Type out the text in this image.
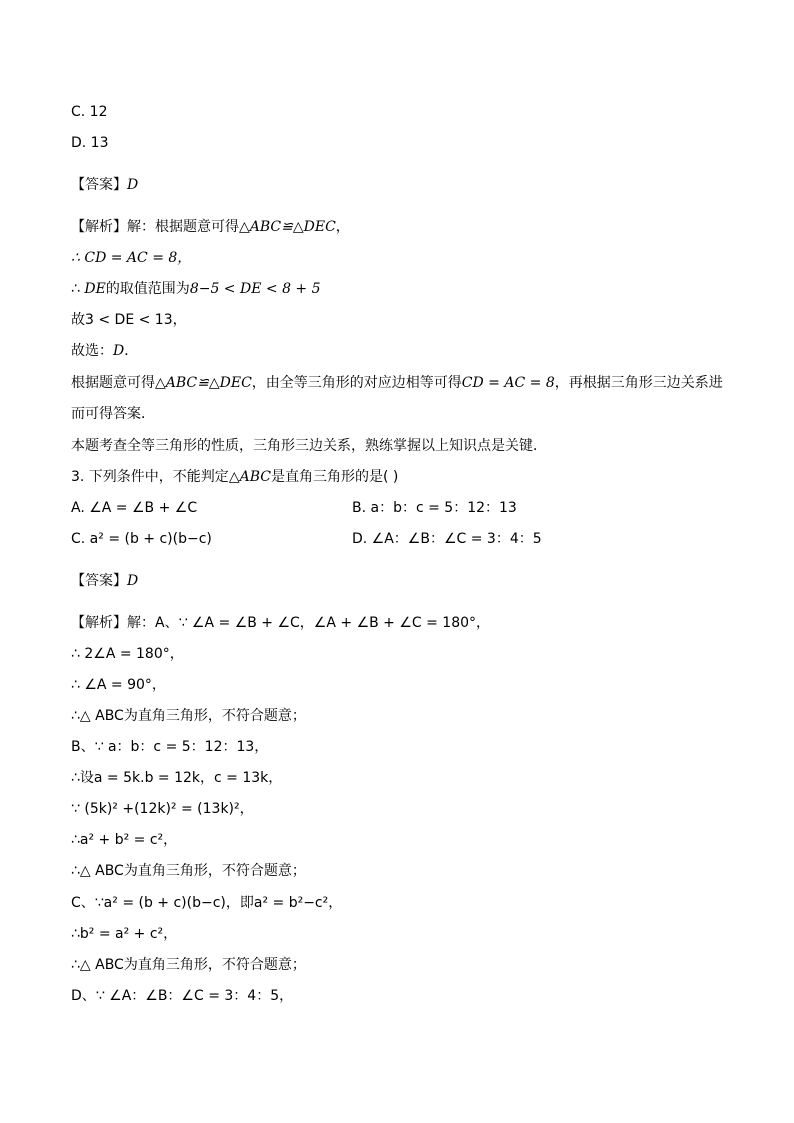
C. 12
D. 13
【答案】D
【解析】解：根据题意可得△ABC≌△DEC，
∴ CD = AC = 8，
∴ DE的取值范围为8−5 < DE < 8 + 5
故3 < DE < 13，
故选：D．
根据题意可得△ABC≌△DEC，由全等三角形的对应边相等可得CD = AC = 8，再根据三角形三边关系进
而可得答案．
本题考查全等三角形的性质，三角形三边关系，熟练掌握以上知识点是关键．
3. 下列条件中，不能判定△ABC是直角三角形的是( )
A. ∠A = ∠B + ∠C	B. a：b：c = 5：12：13
C. a² = (b + c)(b−c)	D. ∠A：∠B：∠C = 3：4：5
【答案】D
【解析】解：A、∵ ∠A = ∠B + ∠C，∠A + ∠B + ∠C = 180°，
∴ 2∠A = 180°，
∴ ∠A = 90°，
∴△ ABC为直角三角形，不符合题意；
B、∵ a：b：c = 5：12：13，
∴设a = 5k.b = 12k，c = 13k，
∵ (5k)² +(12k)² = (13k)²，
∴a² + b² = c²，
∴△ ABC为直角三角形，不符合题意；
C、∵a² = (b + c)(b−c)，即a² = b²−c²，
∴b² = a² + c²，
∴△ ABC为直角三角形，不符合题意；
D、∵ ∠A：∠B：∠C = 3：4：5，
